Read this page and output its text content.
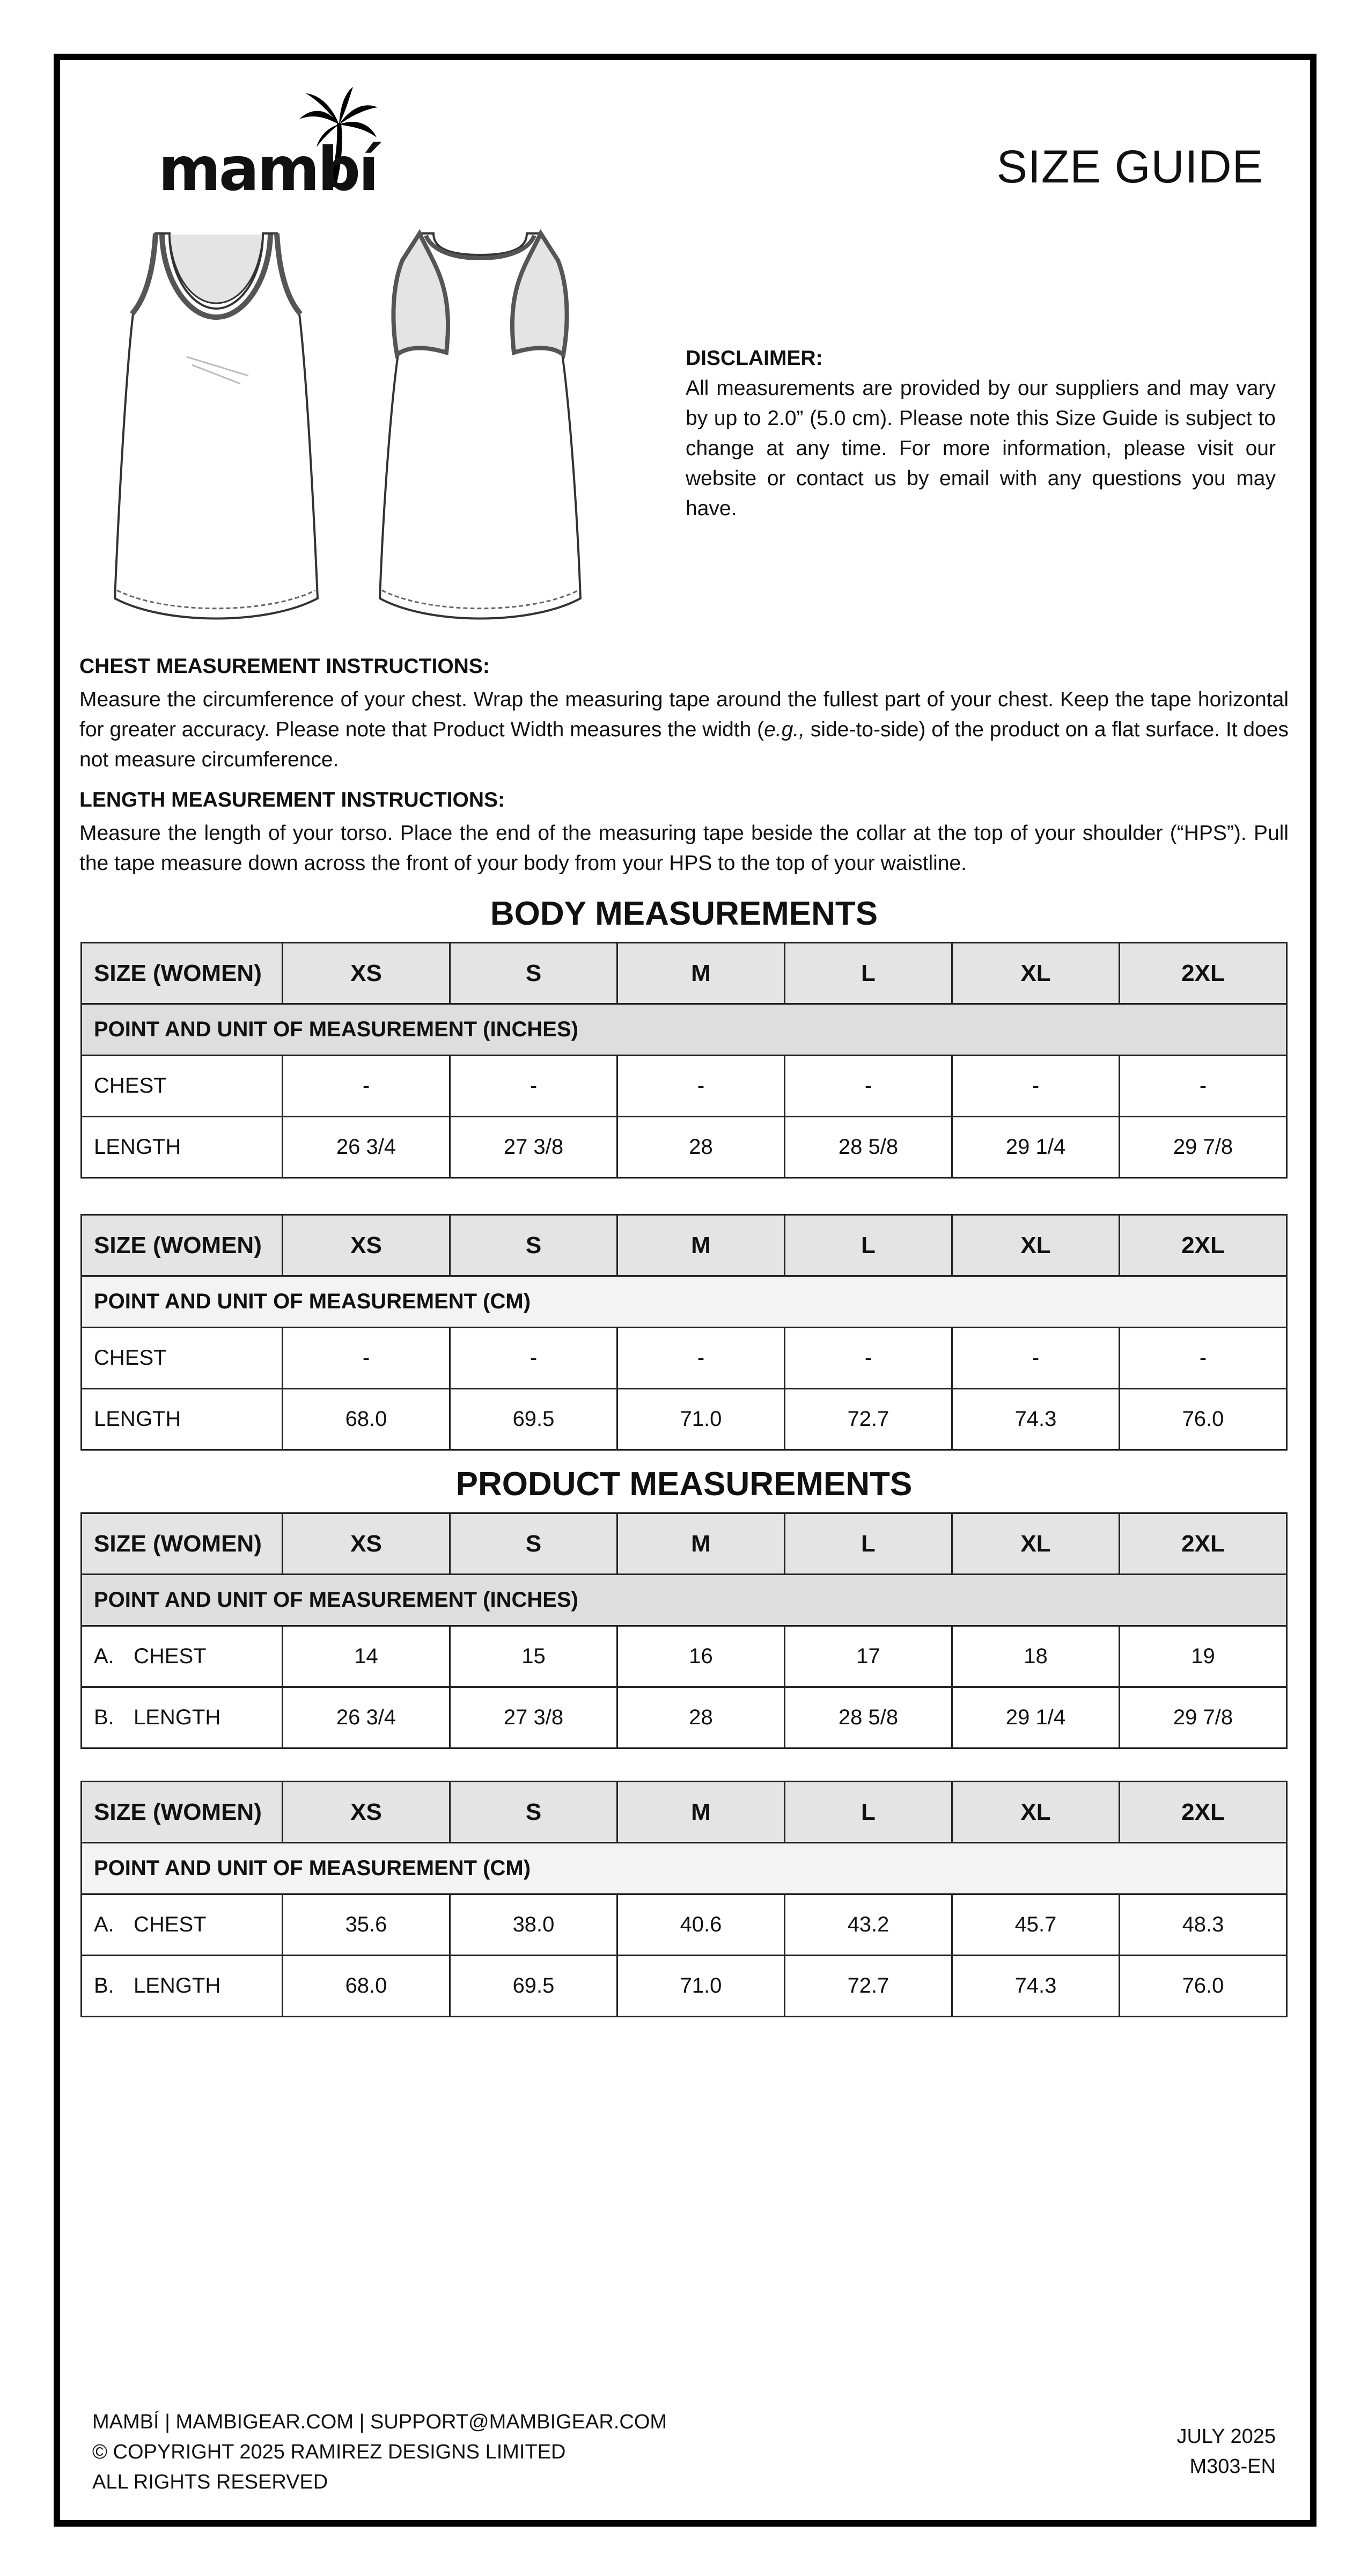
mambí	SIZE GUIDE
DISCLAIMER:

All measurements are provided by our suppliers and may vary by up to 2.0” (5.0 cm). Please note this Size Guide is subject to change at any time. For more information, please visit our website or contact us by email with any questions you may have.

CHEST MEASUREMENT INSTRUCTIONS:

Measure the circumference of your chest. Wrap the measuring tape around the fullest part of your chest. Keep the tape horizontal for greater accuracy. Please note that Product Width measures the width (e.g., side-to-side) of the product on a flat surface. It does not measure circumference.

LENGTH MEASUREMENT INSTRUCTIONS:

Measure the length of your torso. Place the end of the measuring tape beside the collar at the top of your shoulder (“HPS”). Pull the tape measure down across the front of your body from your HPS to the top of your waistline.

BODY MEASUREMENTS
SIZE (WOMEN)	XS	S	M	L	XL	2XL
POINT AND UNIT OF MEASUREMENT (INCHES)						
CHEST	-	-	-	-	-	-
LENGTH	26 3/4	27 3/8	28	28 5/8	29 1/4	29 7/8
SIZE (WOMEN)	XS	S	M	L	XL	2XL
POINT AND UNIT OF MEASUREMENT (CM)						
CHEST	-	-	-	-	-	-
LENGTH	68.0	69.5	71.0	72.7	74.3	76.0
PRODUCT MEASUREMENTS
SIZE (WOMEN)	XS	S	M	L	XL	2XL
POINT AND UNIT OF MEASUREMENT (INCHES)						
A. CHEST	14	15	16	17	18	19
B. LENGTH	26 3/4	27 3/8	28	28 5/8	29 1/4	29 7/8
SIZE (WOMEN)	XS	S	M	L	XL	2XL
POINT AND UNIT OF MEASUREMENT (CM)						
A. CHEST	35.6	38.0	40.6	43.2	45.7	48.3
B. LENGTH	68.0	69.5	71.0	72.7	74.3	76.0
MAMBÍ | MAMBIGEAR.COM | SUPPORT@MAMBIGEAR.COM
© COPYRIGHT 2025 RAMIREZ DESIGNS LIMITED
ALL RIGHTS RESERVED
JULY 2025
M303-EN
